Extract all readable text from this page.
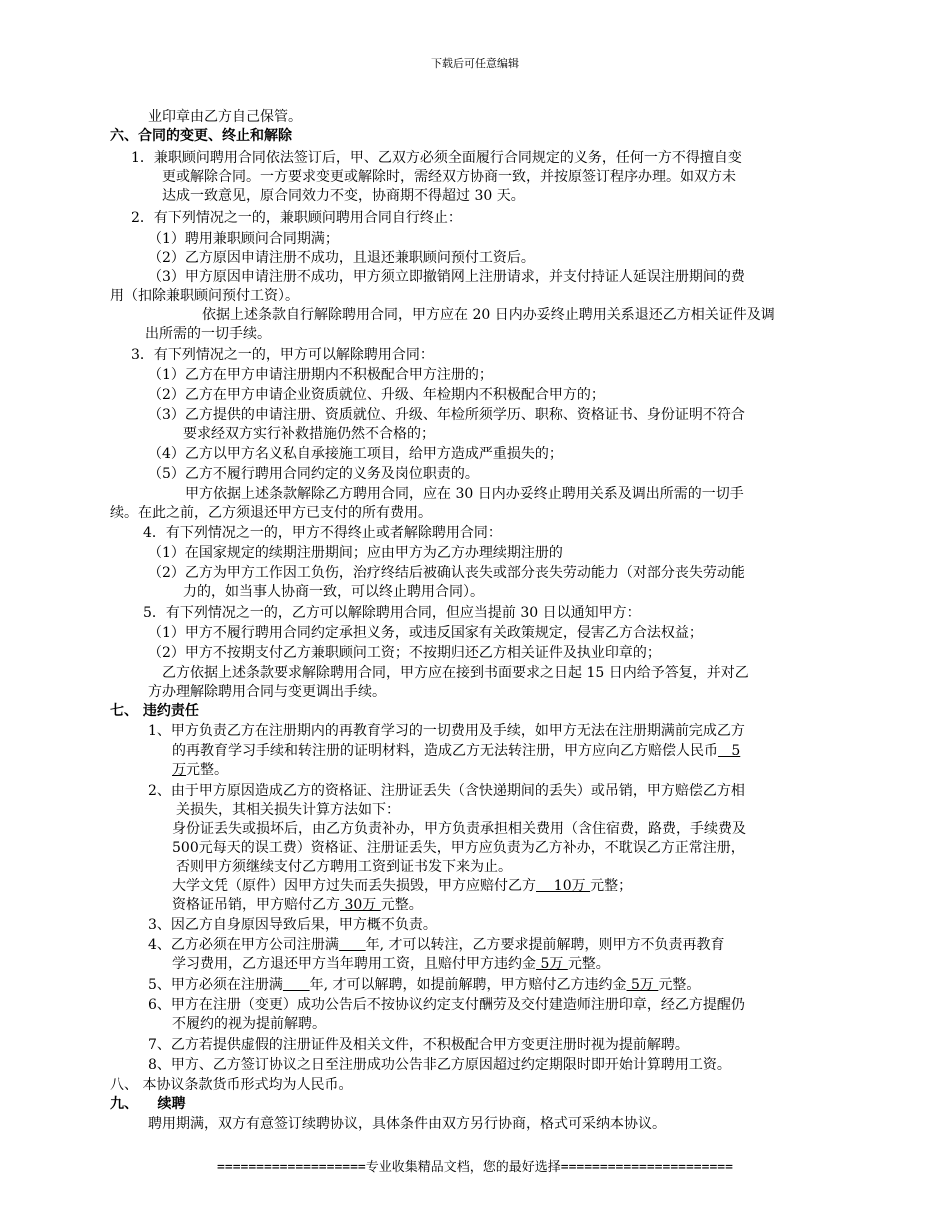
下载后可任意编辑
业印章由乙方自己保管。
六、合同的变更、终止和解除
1．兼职顾问聘用合同依法签订后，甲、乙双方必须全面履行合同规定的义务，任何一方不得擅自变
更或解除合同。一方要求变更或解除时，需经双方协商一致，并按原签订程序办理。如双方未
达成一致意见，原合同效力不变，协商期不得超过 30 天。
2．有下列情况之一的，兼职顾问聘用合同自行终止：
（1）聘用兼职顾问合同期满；
（2）乙方原因申请注册不成功，且退还兼职顾问预付工资后。
（3）甲方原因申请注册不成功，甲方须立即撤销网上注册请求，并支付持证人延误注册期间的费
用（扣除兼职顾问预付工资）。
依据上述条款自行解除聘用合同，甲方应在 20 日内办妥终止聘用关系退还乙方相关证件及调
出所需的一切手续。
3．有下列情况之一的，甲方可以解除聘用合同：
（1）乙方在甲方申请注册期内不积极配合甲方注册的；
（2）乙方在甲方申请企业资质就位、升级、年检期内不积极配合甲方的；
（3）乙方提供的申请注册、资质就位、升级、年检所须学历、职称、资格证书、身份证明不符合
要求经双方实行补救措施仍然不合格的；
（4）乙方以甲方名义私自承接施工项目，给甲方造成严重损失的；
（5）乙方不履行聘用合同约定的义务及岗位职责的。
甲方依据上述条款解除乙方聘用合同，应在 30 日内办妥终止聘用关系及调出所需的一切手
续。在此之前，乙方须退还甲方已支付的所有费用。
4．有下列情况之一的，甲方不得终止或者解除聘用合同：
（1）在国家规定的续期注册期间；应由甲方为乙方办理续期注册的
（2）乙方为甲方工作因工负伤，治疗终结后被确认丧失或部分丧失劳动能力（对部分丧失劳动能
力的，如当事人协商一致，可以终止聘用合同）。
5．有下列情况之一的，乙方可以解除聘用合同，但应当提前 30 日以通知甲方：
（1）甲方不履行聘用合同约定承担义务，或违反国家有关政策规定，侵害乙方合法权益；
（2）甲方不按期支付乙方兼职顾问工资；不按期归还乙方相关证件及执业印章的；
乙方依据上述条款要求解除聘用合同，甲方应在接到书面要求之日起 15 日内给予答复，并对乙
方办理解除聘用合同与变更调出手续。
七、 违约责任
1、甲方负责乙方在注册期内的再教育学习的一切费用及手续，如甲方无法在注册期满前完成乙方
的再教育学习手续和转注册的证明材料，造成乙方无法转注册，甲方应向乙方赔偿人民币   5
万元整。
2、由于甲方原因造成乙方的资格证、注册证丢失（含快递期间的丢失）或吊销，甲方赔偿乙方相
关损失，其相关损失计算方法如下：
身份证丢失或损坏后，由乙方负责补办，甲方负责承担相关费用（含住宿费，路费，手续费及
500元每天的误工费）资格证、注册证丢失，甲方应负责为乙方补办，不耽误乙方正常注册，
否则甲方须继续支付乙方聘用工资到证书发下来为止。
大学文凭（原件）因甲方过失而丢失损毁，甲方应赔付乙方    10万 元整；
资格证吊销，甲方赔付乙方 30万 元整。
3、因乙方自身原因导致后果，甲方概不负责。
4、乙方必须在甲方公司注册满 年, 才可以转注，乙方要求提前解聘，则甲方不负责再教育
学习费用，乙方退还甲方当年聘用工资，且赔付甲方违约金 5万 元整。
5、甲方必须在注册满 年, 才可以解聘，如提前解聘，甲方赔付乙方违约金 5万 元整。
6、甲方在注册（变更）成功公告后不按协议约定支付酬劳及交付建造师注册印章，经乙方提醒仍
不履约的视为提前解聘。
7、乙方若提供虚假的注册证件及相关文件，不积极配合甲方变更注册时视为提前解聘。
8、甲方、乙方签订协议之日至注册成功公告非乙方原因超过约定期限时即开始计算聘用工资。
八、 本协议条款货币形式均为人民币。
九、    续聘
聘用期满，双方有意签订续聘协议，具体条件由双方另行协商，格式可采纳本协议。
===================专业收集精品文档，您的最好选择======================
